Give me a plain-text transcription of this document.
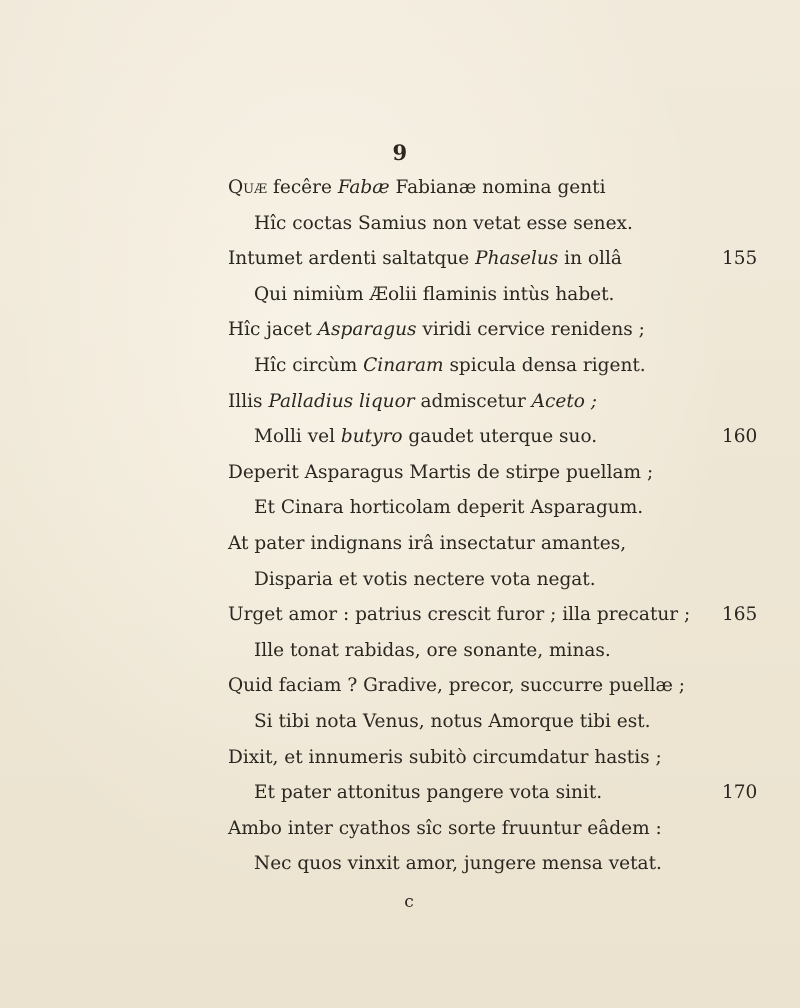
9
Quæ fecêre Fabæ Fabianæ nomina genti
Hîc coctas Samius non vetat esse senex.
Intumet ardenti saltatque Phaselus in ollâ	155
Qui nimiùm Æolii flaminis intùs habet.
Hîc jacet Asparagus viridi cervice renidens ;
Hîc circùm Cinaram spicula densa rigent.
Illis Palladius liquor admiscetur Aceto ;
Molli vel butyro gaudet uterque suo.	160
Deperit Asparagus Martis de stirpe puellam ;
Et Cinara horticolam deperit Asparagum.
At pater indignans irâ insectatur amantes,
Disparia et votis nectere vota negat.
Urget amor : patrius crescit furor ; illa precatur ; 165
Ille tonat rabidas, ore sonante, minas.
Quid faciam ? Gradive, precor, succurre puellæ ;
Si tibi nota Venus, notus Amorque tibi est.
Dixit, et innumeris subitò circumdatur hastis ;
Et pater attonitus pangere vota sinit.	170
Ambo inter cyathos sîc sorte fruuntur eâdem :
Nec quos vinxit amor, jungere mensa vetat.
c
